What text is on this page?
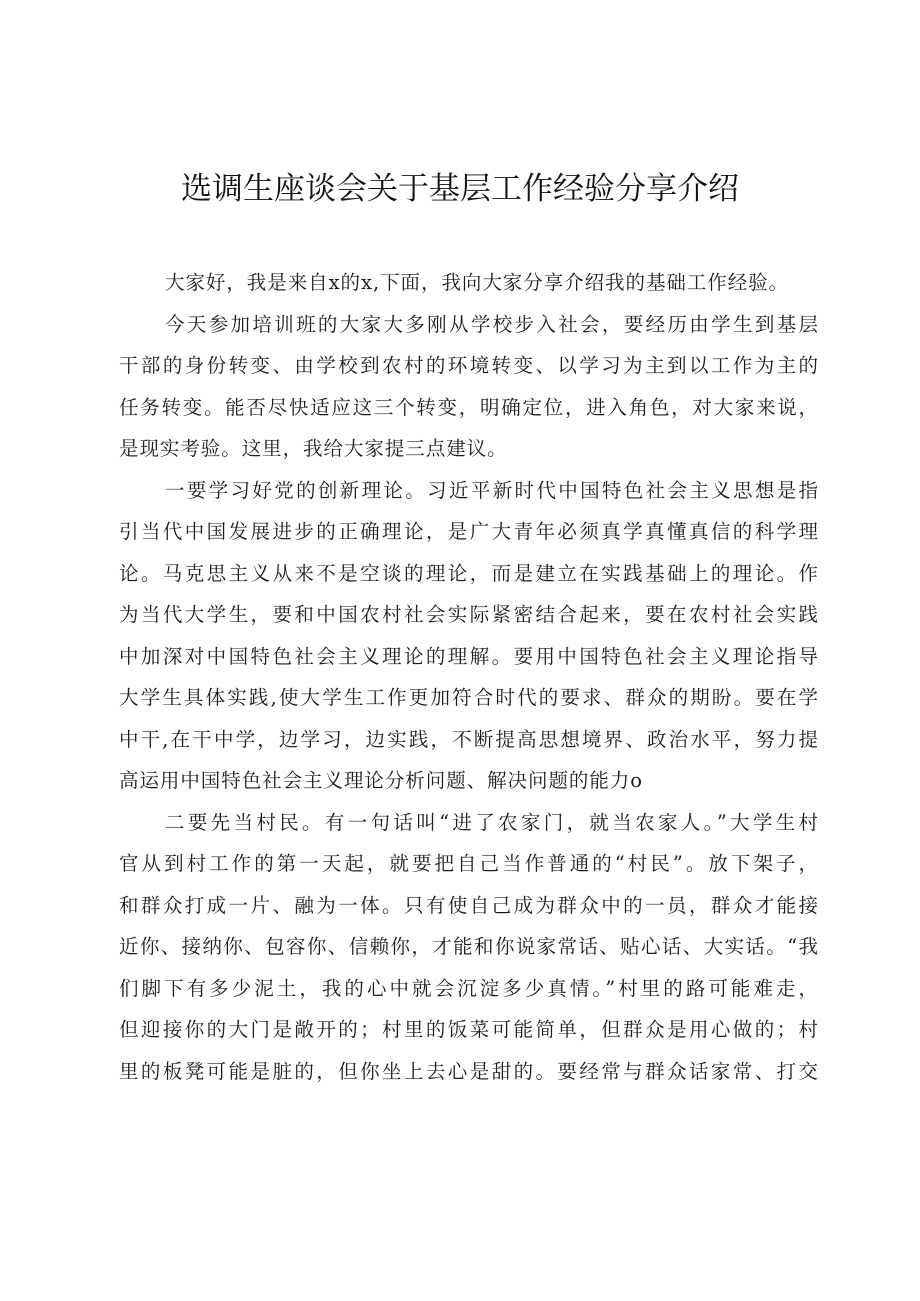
选调生座谈会关于基层工作经验分享介绍
大家好，我是来自x的x,下面，我向大家分享介绍我的基础工作经验。
今天参加培训班的大家大多刚从学校步入社会，要经历由学生到基层
干部的身份转变、由学校到农村的环境转变、以学习为主到以工作为主的
任务转变。能否尽快适应这三个转变，明确定位，进入角色，对大家来说，
是现实考验。这里，我给大家提三点建议。
一要学习好党的创新理论。习近平新时代中国特色社会主义思想是指
引当代中国发展进步的正确理论，是广大青年必须真学真懂真信的科学理
论。马克思主义从来不是空谈的理论，而是建立在实践基础上的理论。作
为当代大学生，要和中国农村社会实际紧密结合起来，要在农村社会实践
中加深对中国特色社会主义理论的理解。要用中国特色社会主义理论指导
大学生具体实践,使大学生工作更加符合时代的要求、群众的期盼。要在学
中干,在干中学，边学习，边实践，不断提高思想境界、政治水平，努力提
高运用中国特色社会主义理论分析问题、解决问题的能力o
二要先当村民。有一句话叫“进了农家门，就当农家人。”大学生村
官从到村工作的第一天起，就要把自己当作普通的“村民”。放下架子，
和群众打成一片、融为一体。只有使自己成为群众中的一员，群众才能接
近你、接纳你、包容你、信赖你，才能和你说家常话、贴心话、大实话。“我
们脚下有多少泥土，我的心中就会沉淀多少真情。”村里的路可能难走，
但迎接你的大门是敞开的；村里的饭菜可能简单，但群众是用心做的；村
里的板凳可能是脏的，但你坐上去心是甜的。要经常与群众话家常、打交
